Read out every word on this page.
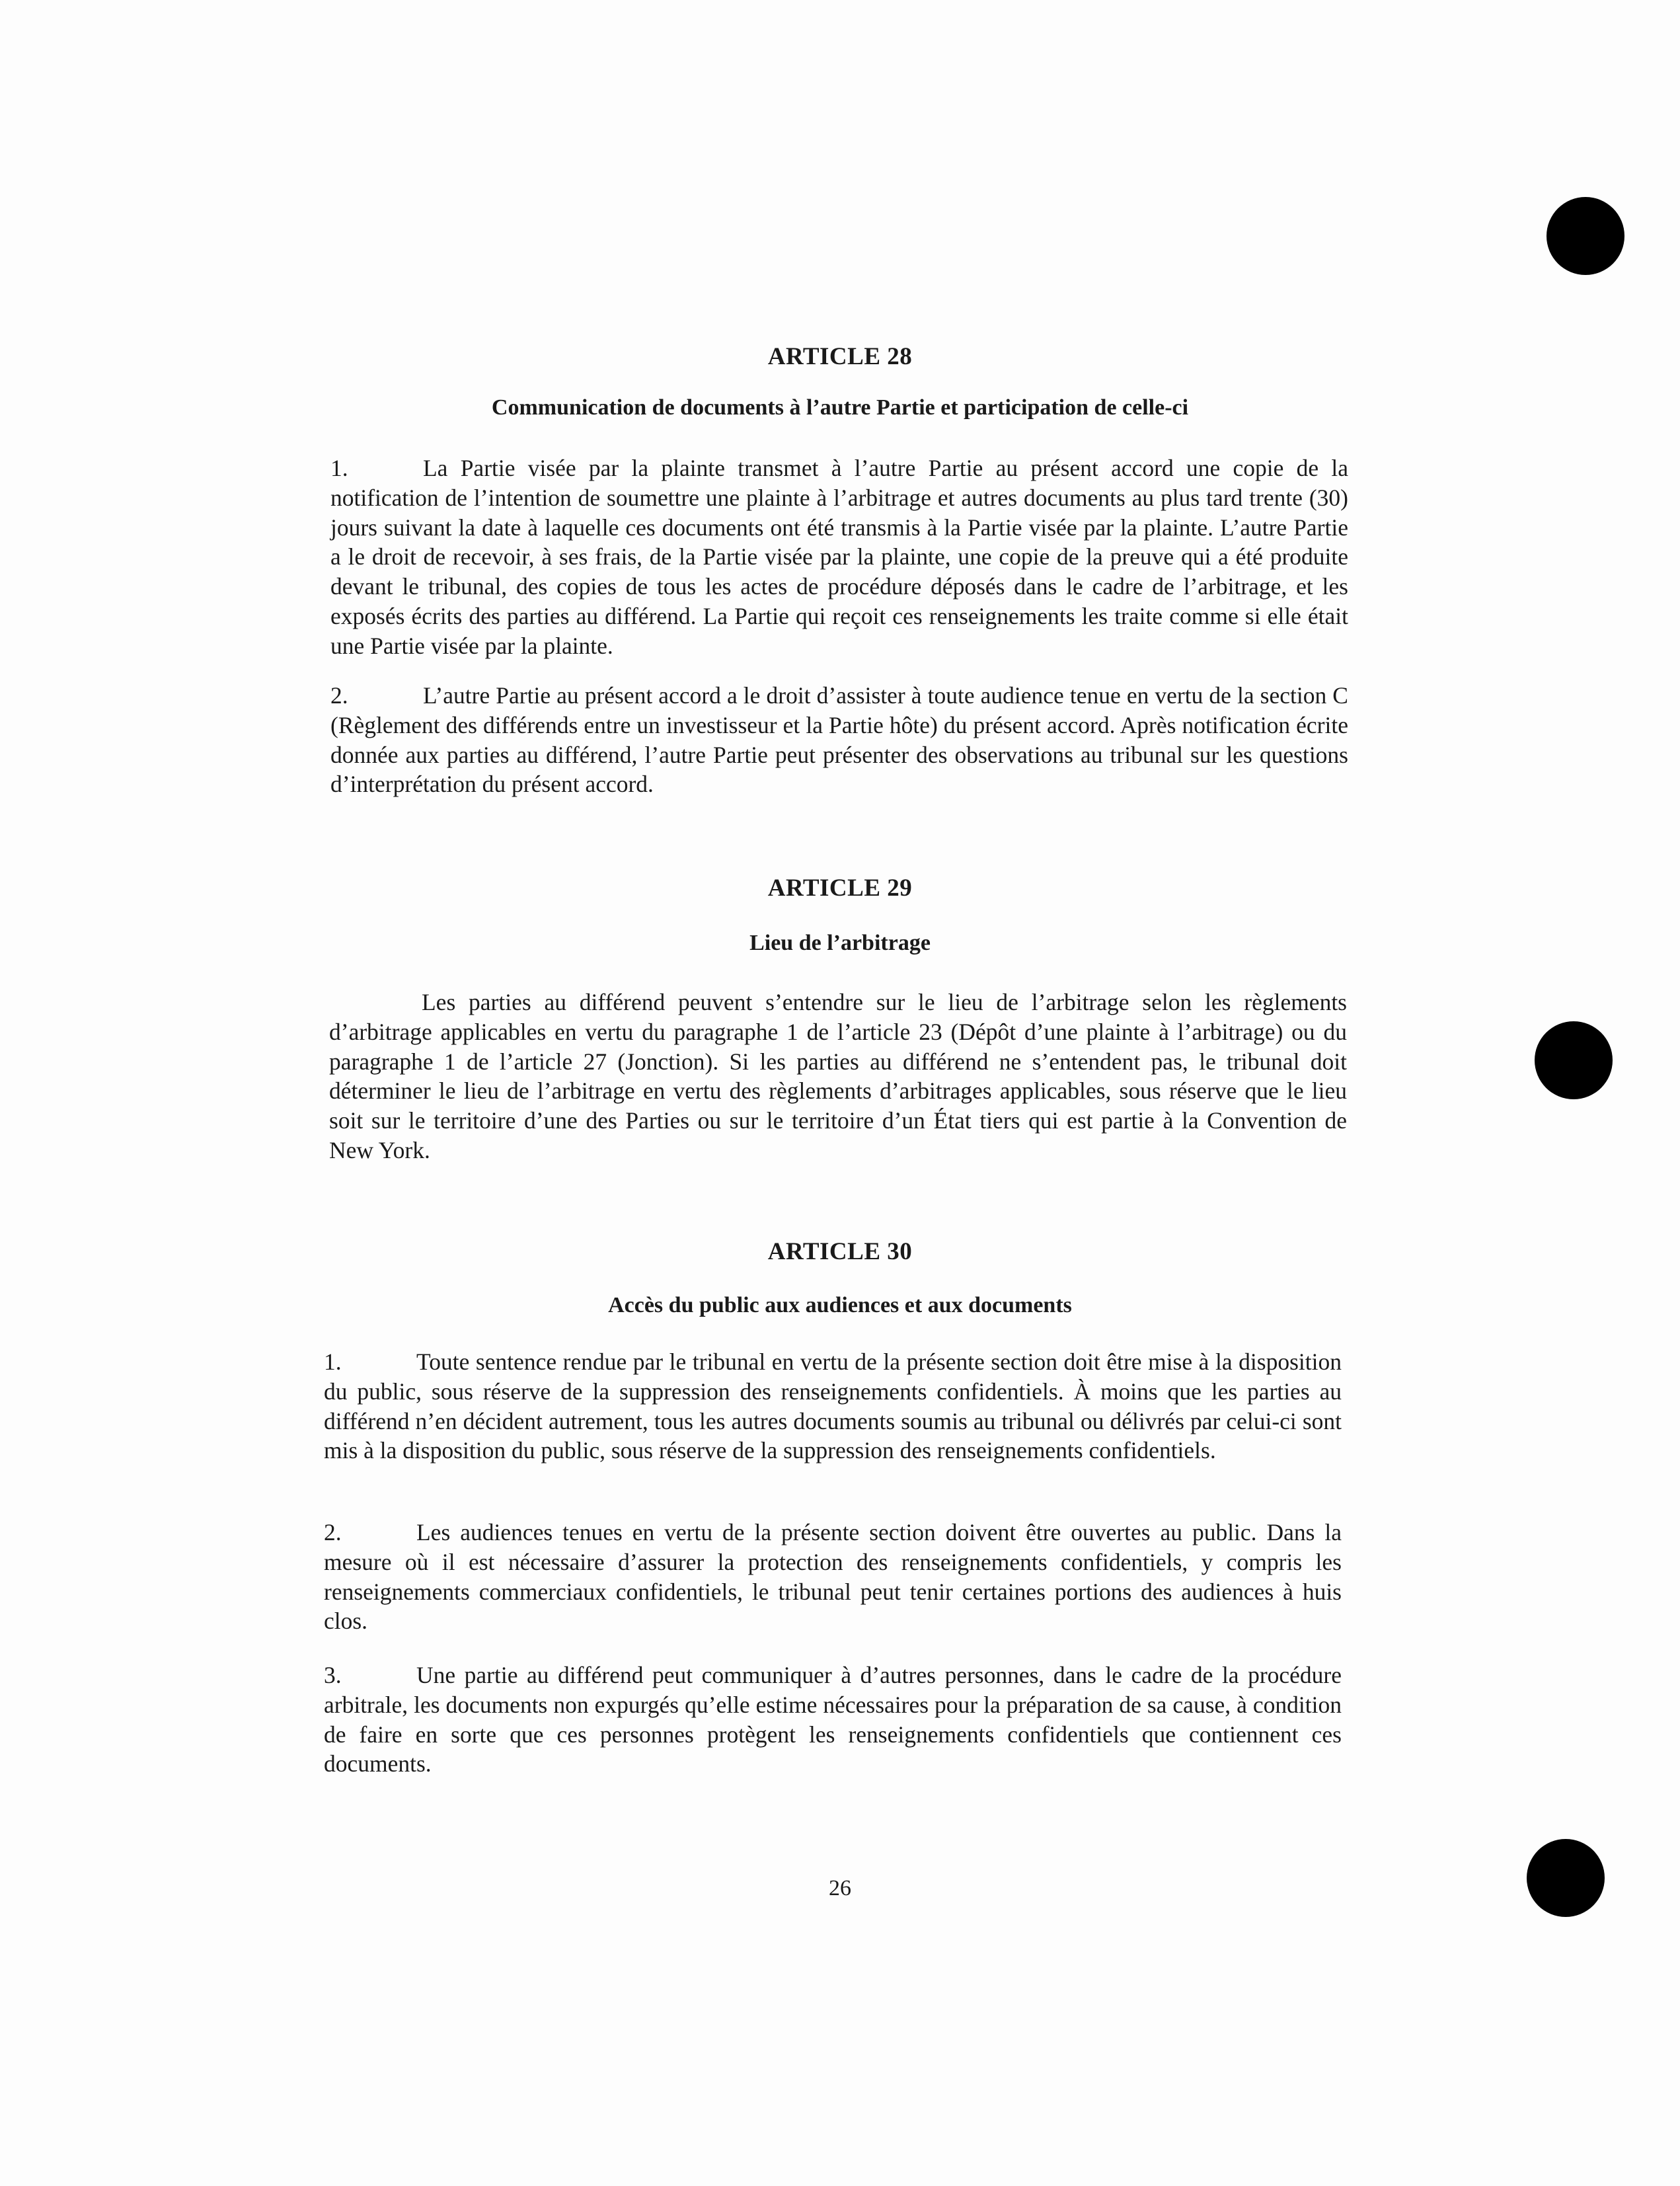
ARTICLE 28
Communication de documents à l’autre Partie et participation de celle-ci

1.	La Partie visée par la plainte transmet à l’autre Partie au présent accord une copie de la notification de l’intention de soumettre une plainte à l’arbitrage et autres documents au plus tard trente (30) jours suivant la date à laquelle ces documents ont été transmis à la Partie visée par la plainte. L’autre Partie a le droit de recevoir, à ses frais, de la Partie visée par la plainte, une copie de la preuve qui a été produite devant le tribunal, des copies de tous les actes de procédure déposés dans le cadre de l’arbitrage, et les exposés écrits des parties au différend. La Partie qui reçoit ces renseignements les traite comme si elle était une Partie visée par la plainte.

2.	L’autre Partie au présent accord a le droit d’assister à toute audience tenue en vertu de la section C (Règlement des différends entre un investisseur et la Partie hôte) du présent accord. Après notification écrite donnée aux parties au différend, l’autre Partie peut présenter des observations au tribunal sur les questions d’interprétation du présent accord.

ARTICLE 29
Lieu de l’arbitrage

Les parties au différend peuvent s’entendre sur le lieu de l’arbitrage selon les règlements d’arbitrage applicables en vertu du paragraphe 1 de l’article 23 (Dépôt d’une plainte à l’arbitrage) ou du paragraphe 1 de l’article 27 (Jonction). Si les parties au différend ne s’entendent pas, le tribunal doit déterminer le lieu de l’arbitrage en vertu des règlements d’arbitrages applicables, sous réserve que le lieu soit sur le territoire d’une des Parties ou sur le territoire d’un État tiers qui est partie à la Convention de New York.

ARTICLE 30
Accès du public aux audiences et aux documents

1.	Toute sentence rendue par le tribunal en vertu de la présente section doit être mise à la disposition du public, sous réserve de la suppression des renseignements confidentiels. À moins que les parties au différend n’en décident autrement, tous les autres documents soumis au tribunal ou délivrés par celui-ci sont mis à la disposition du public, sous réserve de la suppression des renseignements confidentiels.

2.	Les audiences tenues en vertu de la présente section doivent être ouvertes au public. Dans la mesure où il est nécessaire d’assurer la protection des renseignements confidentiels, y compris les renseignements commerciaux confidentiels, le tribunal peut tenir certaines portions des audiences à huis clos.

3.	Une partie au différend peut communiquer à d’autres personnes, dans le cadre de la procédure arbitrale, les documents non expurgés qu’elle estime nécessaires pour la préparation de sa cause, à condition de faire en sorte que ces personnes protègent les renseignements confidentiels que contiennent ces documents.

26
